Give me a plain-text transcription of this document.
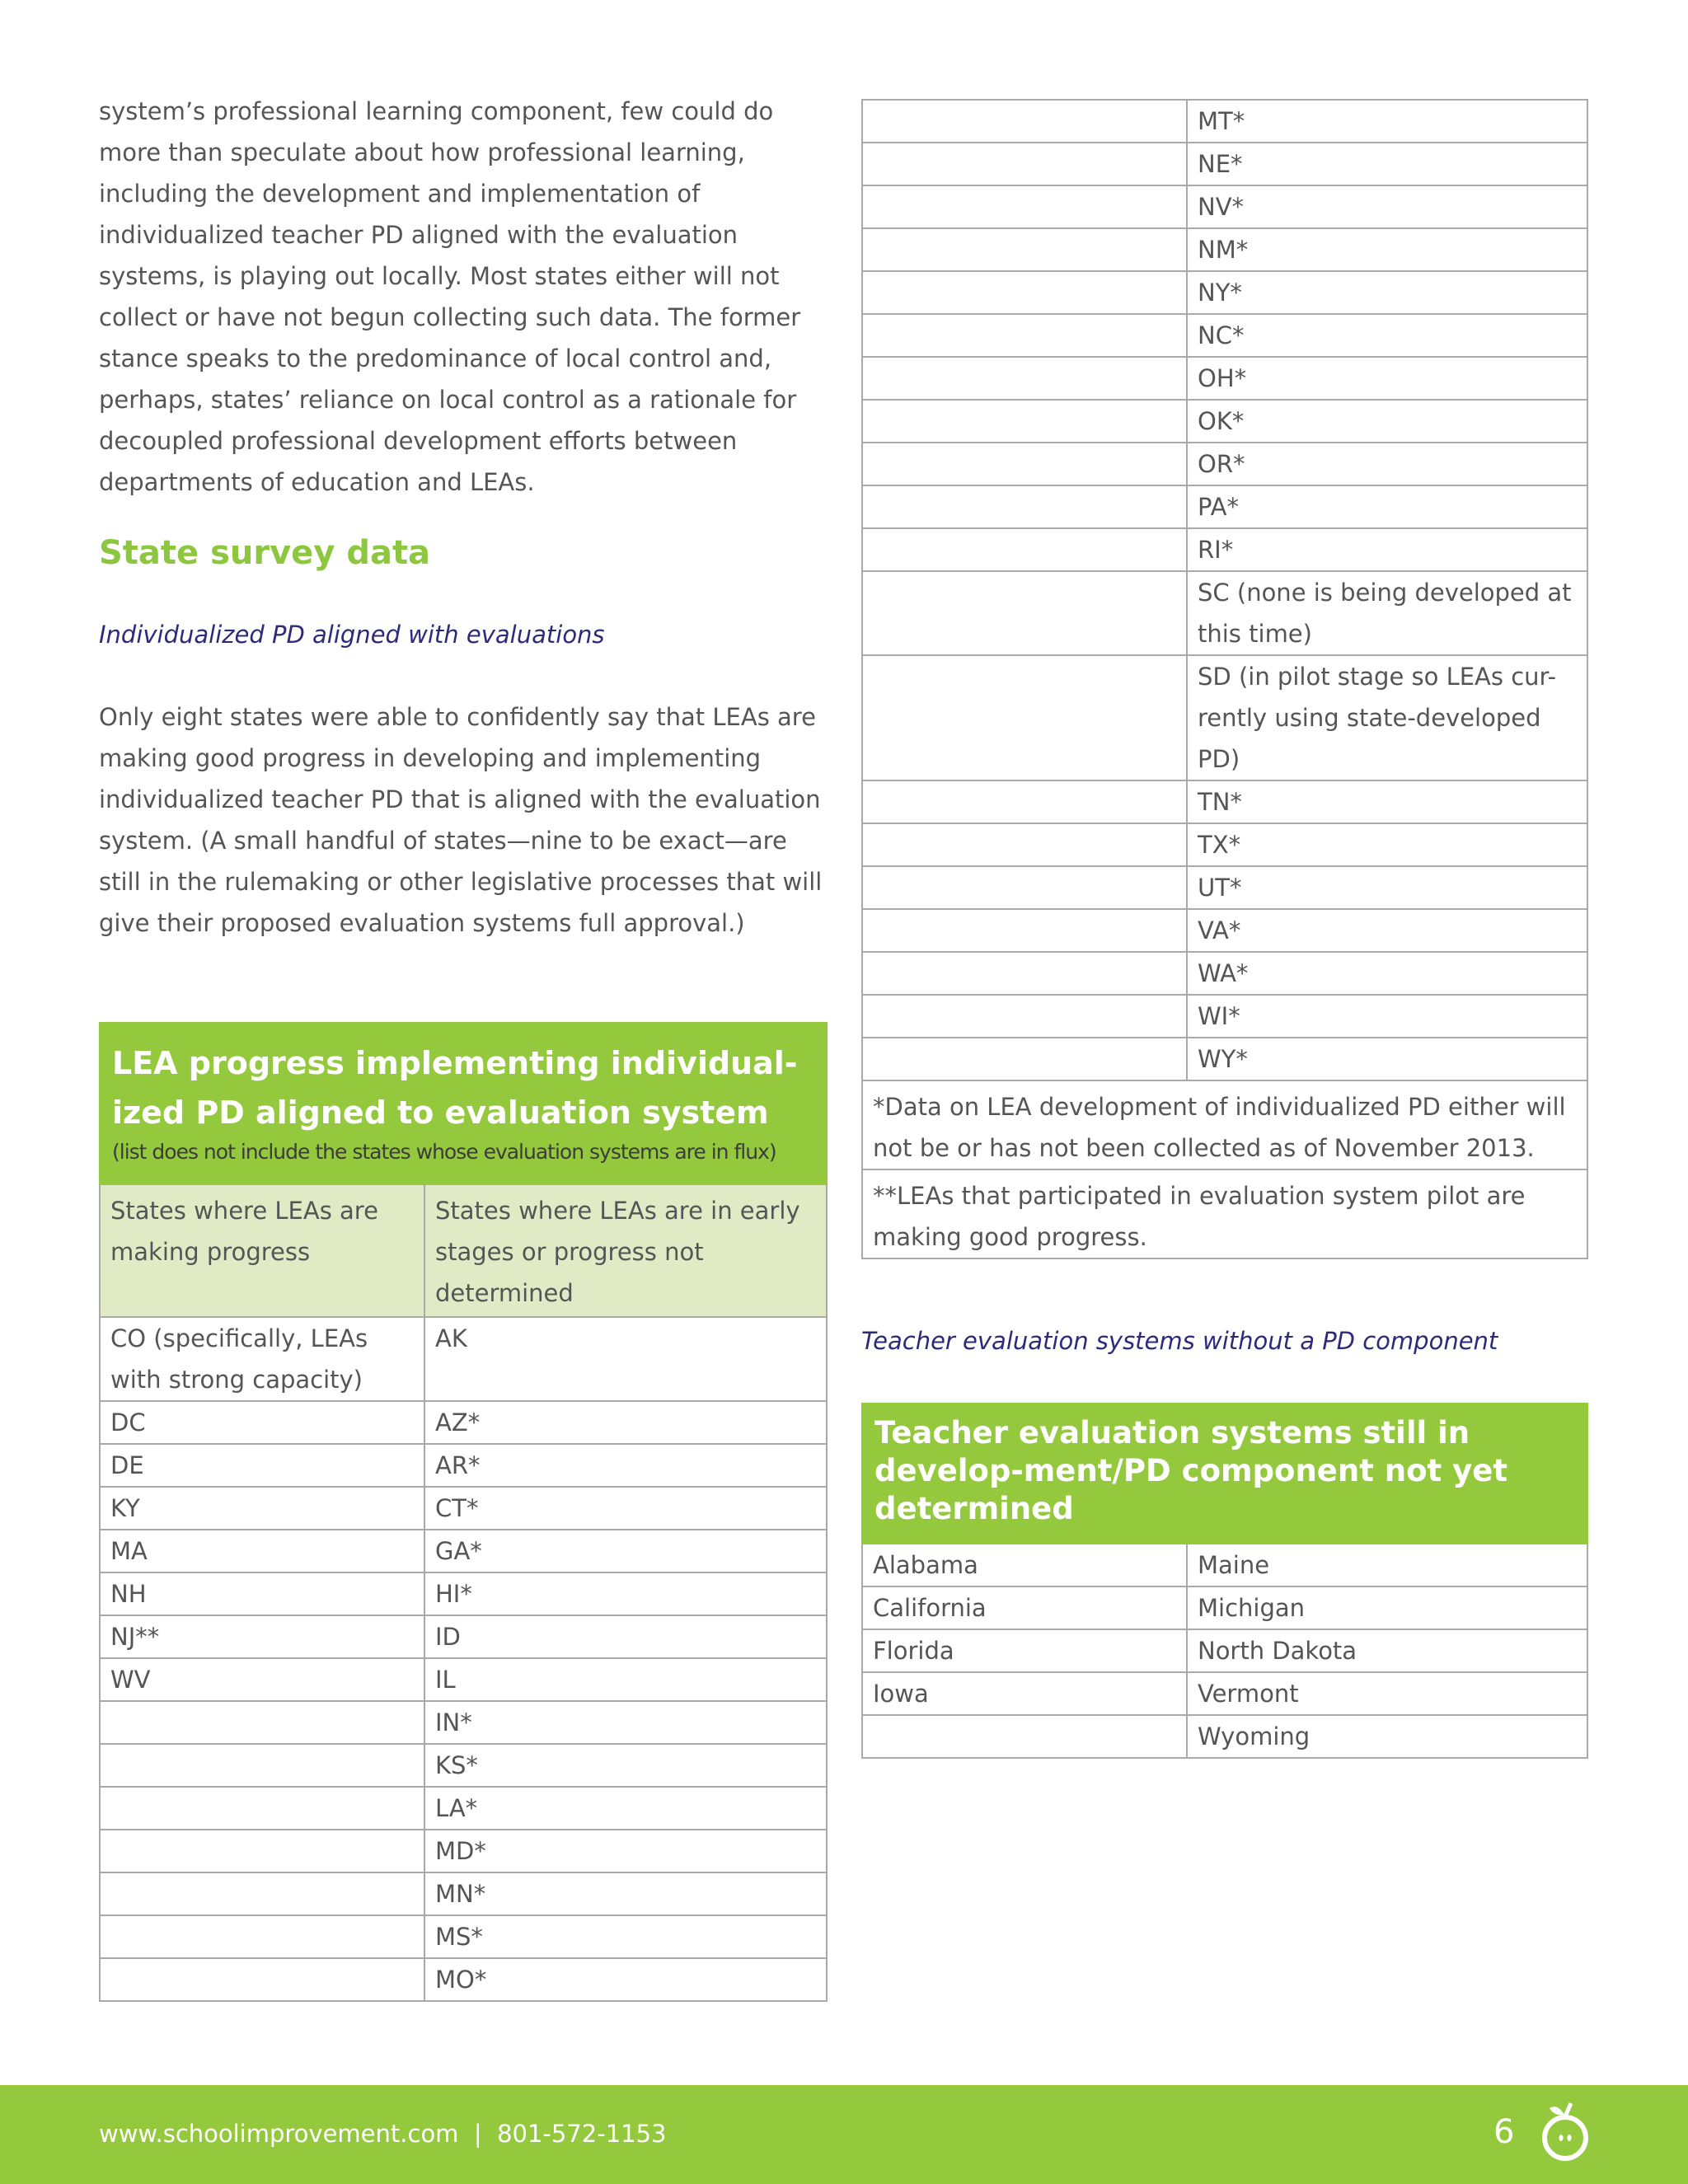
system’s professional learning component, few could do more than speculate about how professional learning, including the development and implementation of individualized teacher PD aligned with the evaluation systems, is playing out locally. Most states either will not collect or have not begun collecting such data. The former stance speaks to the predominance of local control and, perhaps, states’ reliance on local control as a rationale for decoupled professional development efforts between departments of education and LEAs.
State survey data
Individualized PD aligned with evaluations
Only eight states were able to confidently say that LEAs are making good progress in developing and implementing individualized teacher PD that is aligned with the evaluation system. (A small handful of states—nine to be exact—are still in the rulemaking or other legislative processes that will give their proposed evaluation systems full approval.)
LEA progress implementing individual-ized PD aligned to evaluation system
(list does not include the states whose evaluation systems are in flux)	

States where LEAs are making progress	States where LEAs are in early stages or progress not determined
CO (specifically, LEAs with strong capacity)	AK
DC	AZ*
DE	AR*
KY	CT*
MA	GA*
NH	HI*
NJ**	ID
WV	IL
	IN*
	KS*
	LA*
	MD*
	MN*
	MS*
	MO*
	MT*
	NE*
	NV*
	NM*
	NY*
	NC*
	OH*
	OK*
	OR*
	PA*
	RI*
	SC (none is being developed at this time)
	SD (in pilot stage so LEAs cur-rently using state-developed PD)
	TN*
	TX*
	UT*
	VA*
	WA*
	WI*
	WY*
*Data on LEA development of individualized PD either will not be or has not been collected as of November 2013.	
**LEAs that participated in evaluation system pilot are making good progress.	
Teacher evaluation systems without a PD component
Teacher evaluation systems still in develop-ment/PD component not yet determined	

Alabama	Maine
California	Michigan
Florida	North Dakota
Iowa	Vermont
	Wyoming
www.schoolimprovement.com  |  801-572-1153	6
